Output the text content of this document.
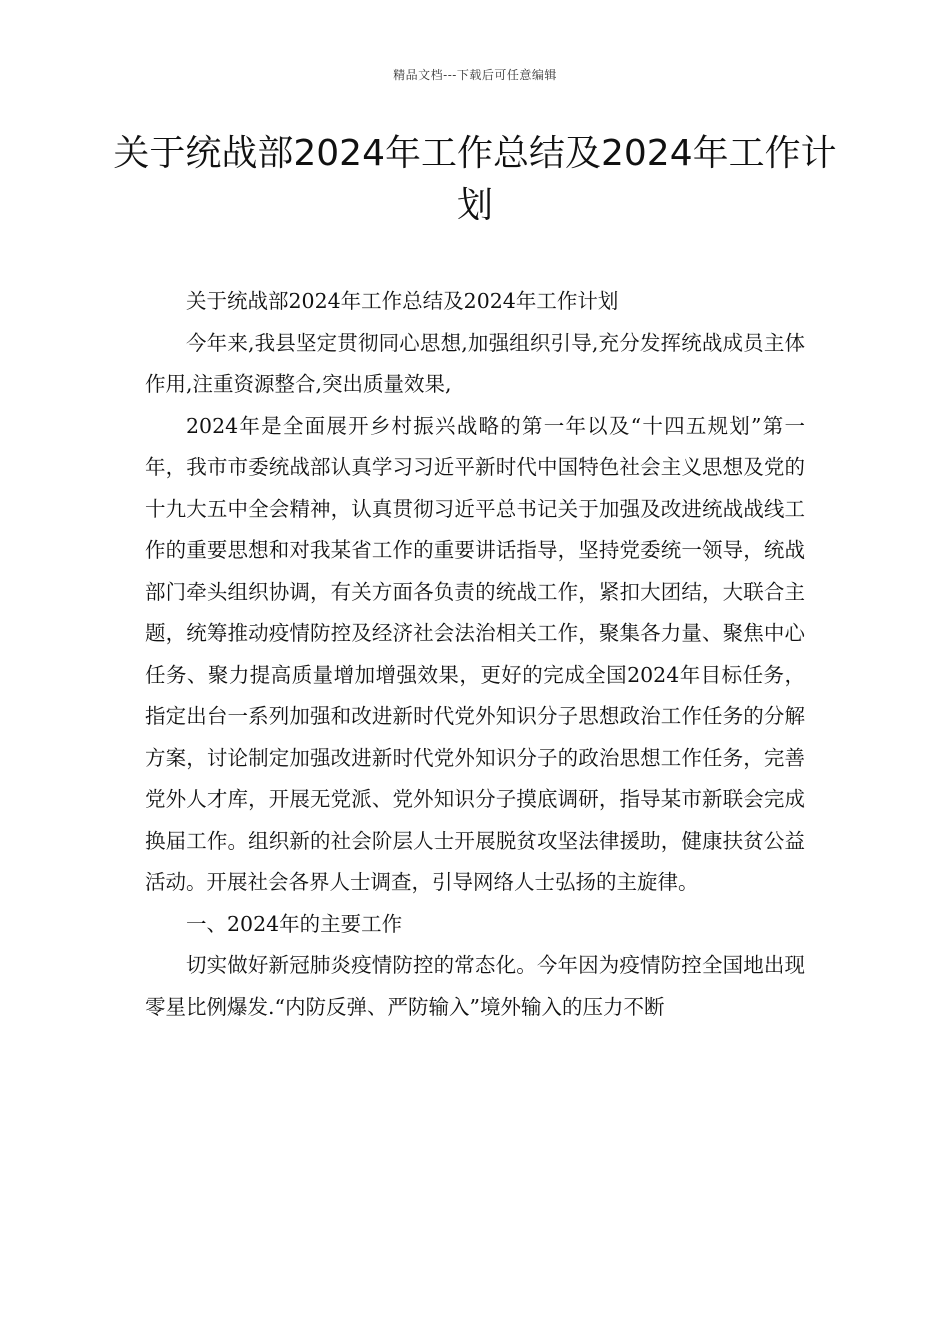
精品文档---下载后可任意编辑
关于统战部2024年工作总结及2024年工作计划

关于统战部2024年工作总结及2024年工作计划

今年来,我县坚定贯彻同心思想,加强组织引导,充分发挥统战成员主体作用,注重资源整合,突出质量效果,

2024年是全面展开乡村振兴战略的第一年以及“十四五规划”第一年，我市市委统战部认真学习习近平新时代中国特色社会主义思想及党的十九大五中全会精神，认真贯彻习近平总书记关于加强及改进统战战线工作的重要思想和对我某省工作的重要讲话指导，坚持党委统一领导，统战部门牵头组织协调，有关方面各负责的统战工作，紧扣大团结，大联合主题，统筹推动疫情防控及经济社会法治相关工作，聚集各力量、聚焦中心任务、聚力提高质量增加增强效果，更好的完成全国2024年目标任务，指定出台一系列加强和改进新时代党外知识分子思想政治工作任务的分解方案，讨论制定加强改进新时代党外知识分子的政治思想工作任务，完善党外人才库，开展无党派、党外知识分子摸底调研，指导某市新联会完成换届工作。组织新的社会阶层人士开展脱贫攻坚法律援助，健康扶贫公益活动。开展社会各界人士调查，引导网络人士弘扬的主旋律。

一、2024年的主要工作

切实做好新冠肺炎疫情防控的常态化。今年因为疫情防控全国地出现零星比例爆发.“内防反弹、严防输入”境外输入的压力不断
